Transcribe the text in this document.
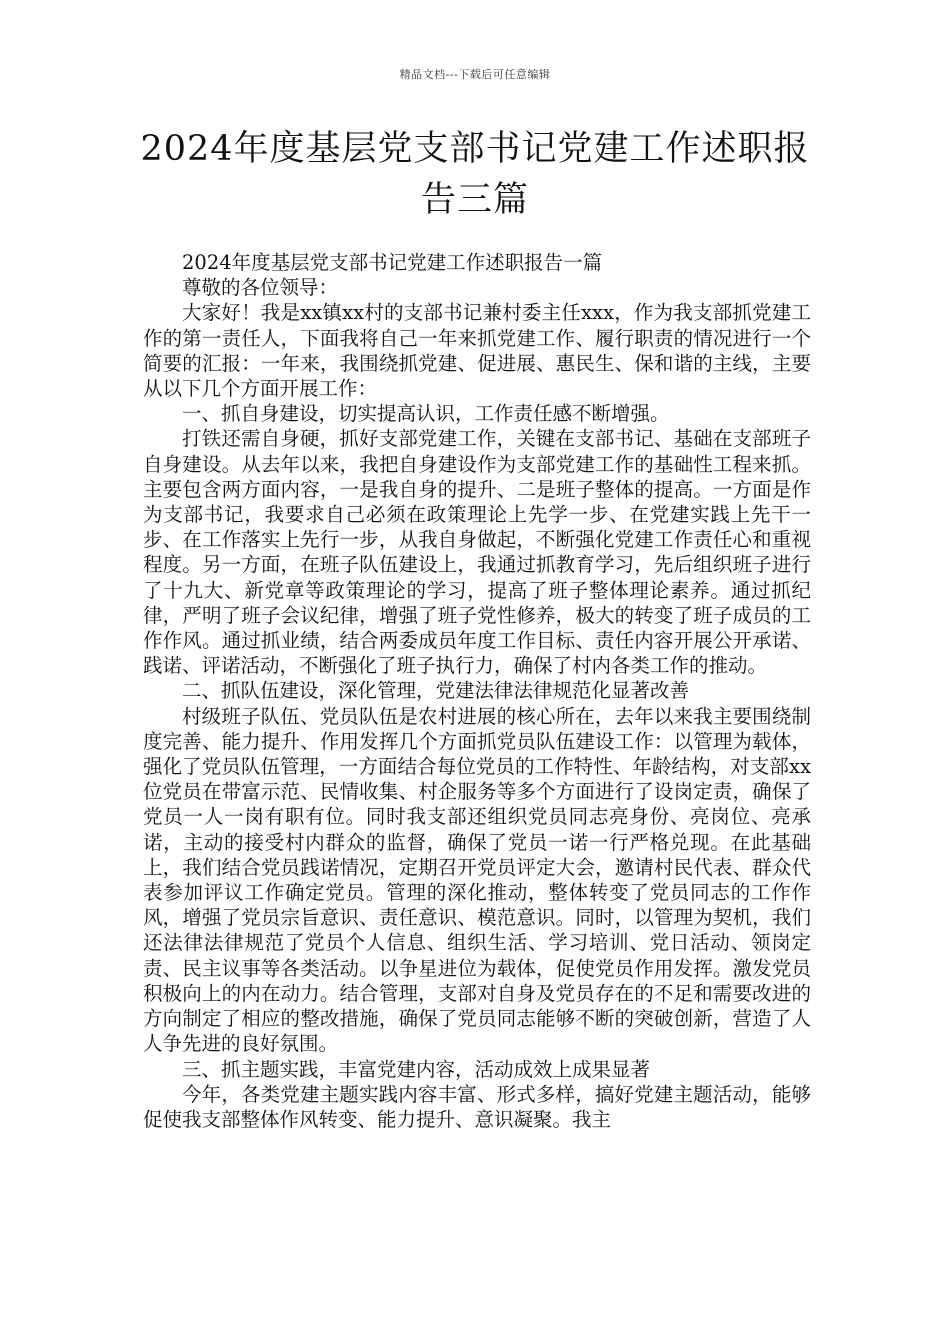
精品文档---下载后可任意编辑
2024年度基层党支部书记党建工作述职报告三篇

2024年度基层党支部书记党建工作述职报告一篇

尊敬的各位领导：

大家好！我是xx镇xx村的支部书记兼村委主任xxx，作为我支部抓党建工作的第一责任人，下面我将自己一年来抓党建工作、履行职责的情况进行一个简要的汇报：一年来，我围绕抓党建、促进展、惠民生、保和谐的主线，主要从以下几个方面开展工作：

一、抓自身建设，切实提高认识，工作责任感不断增强。

打铁还需自身硬，抓好支部党建工作，关键在支部书记、基础在支部班子自身建设。从去年以来，我把自身建设作为支部党建工作的基础性工程来抓。主要包含两方面内容，一是我自身的提升、二是班子整体的提高。一方面是作为支部书记，我要求自己必须在政策理论上先学一步、在党建实践上先干一步、在工作落实上先行一步，从我自身做起，不断强化党建工作责任心和重视程度。另一方面，在班子队伍建设上，我通过抓教育学习，先后组织班子进行了十九大、新党章等政策理论的学习，提高了班子整体理论素养。通过抓纪律，严明了班子会议纪律，增强了班子党性修养，极大的转变了班子成员的工作作风。通过抓业绩，结合两委成员年度工作目标、责任内容开展公开承诺、践诺、评诺活动，不断强化了班子执行力，确保了村内各类工作的推动。

二、抓队伍建设，深化管理，党建法律法律规范化显著改善

村级班子队伍、党员队伍是农村进展的核心所在，去年以来我主要围绕制度完善、能力提升、作用发挥几个方面抓党员队伍建设工作：以管理为载体，强化了党员队伍管理，一方面结合每位党员的工作特性、年龄结构，对支部xx位党员在带富示范、民情收集、村企服务等多个方面进行了设岗定责，确保了党员一人一岗有职有位。同时我支部还组织党员同志亮身份、亮岗位、亮承诺，主动的接受村内群众的监督，确保了党员一诺一行严格兑现。在此基础上，我们结合党员践诺情况，定期召开党员评定大会，邀请村民代表、群众代表参加评议工作确定党员。管理的深化推动，整体转变了党员同志的工作作风，增强了党员宗旨意识、责任意识、模范意识。同时，以管理为契机，我们还法律法律规范了党员个人信息、组织生活、学习培训、党日活动、领岗定责、民主议事等各类活动。以争星进位为载体，促使党员作用发挥。激发党员积极向上的内在动力。结合管理，支部对自身及党员存在的不足和需要改进的方向制定了相应的整改措施，确保了党员同志能够不断的突破创新，营造了人人争先进的良好氛围。

三、抓主题实践，丰富党建内容，活动成效上成果显著

今年，各类党建主题实践内容丰富、形式多样，搞好党建主题活动，能够促使我支部整体作风转变、能力提升、意识凝聚。我主
